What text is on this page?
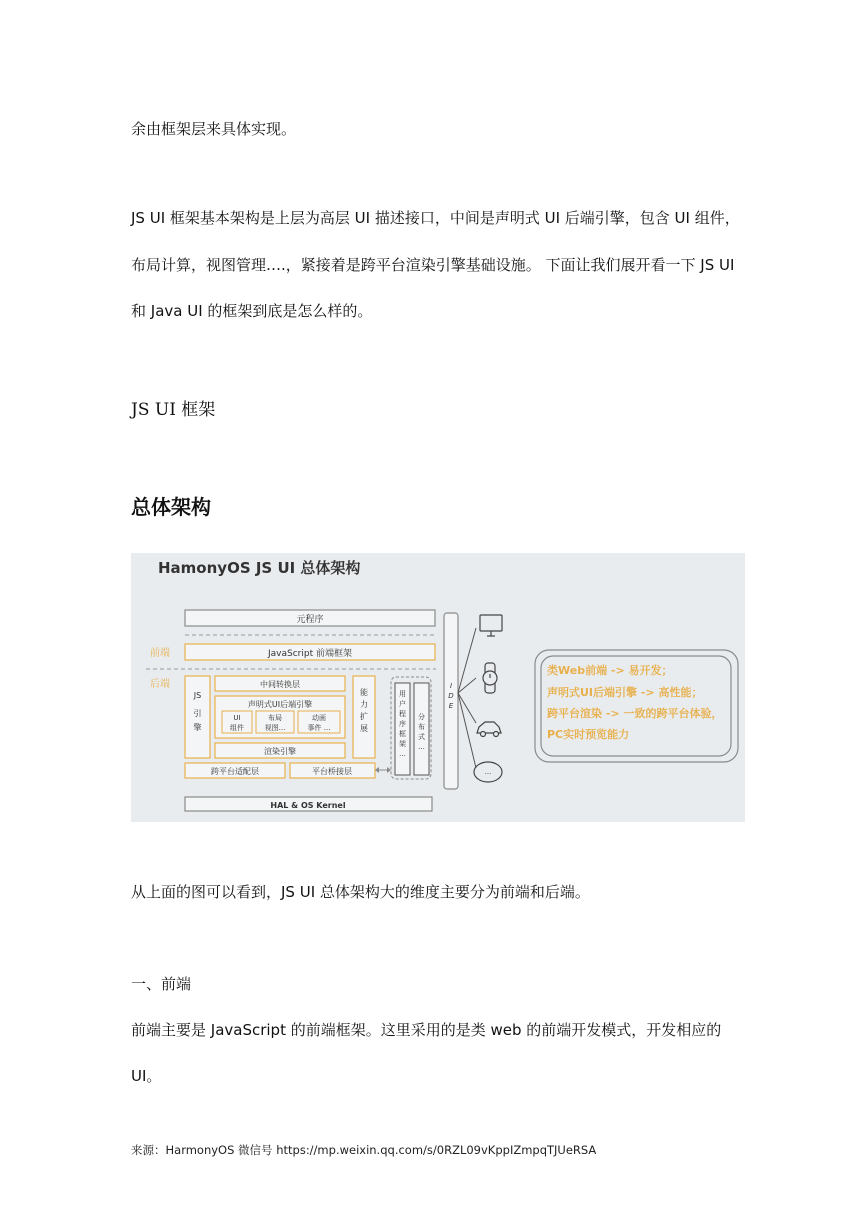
余由框架层来具体实现。
JS UI 框架基本架构是上层为高层 UI 描述接口，中间是声明式 UI 后端引擎，包含 UI 组件，
布局计算，视图管理….，紧接着是跨平台渲染引擎基础设施。 下面让我们展开看一下 JS UI
和 Java UI 的框架到底是怎么样的。
JS UI 框架
总体架构
HamonyOS JS UI 总体架构
元程序
前端
后端
JavaScript 前端框架
JS
引
擎
中间转换层
声明式UI后端引擎
UI
组件
布局
视图...
动画
事件 ...
渲染引擎
能
力
扩
展
跨平台适配层	平台桥接层
用
户
程
序
框
架
...
分
布
式
...
HAL & OS Kernel
I
D
E
...
类Web前端 -> 易开发；
声明式UI后端引擎 -> 高性能；
跨平台渲染 -> 一致的跨平台体验，
PC实时预览能力
从上面的图可以看到，JS UI 总体架构大的维度主要分为前端和后端。
一、前端
前端主要是 JavaScript 的前端框架。这里采用的是类 web 的前端开发模式，开发相应的
UI。
来源：HarmonyOS 微信号 https://mp.weixin.qq.com/s/0RZL09vKppIZmpqTJUeRSA
